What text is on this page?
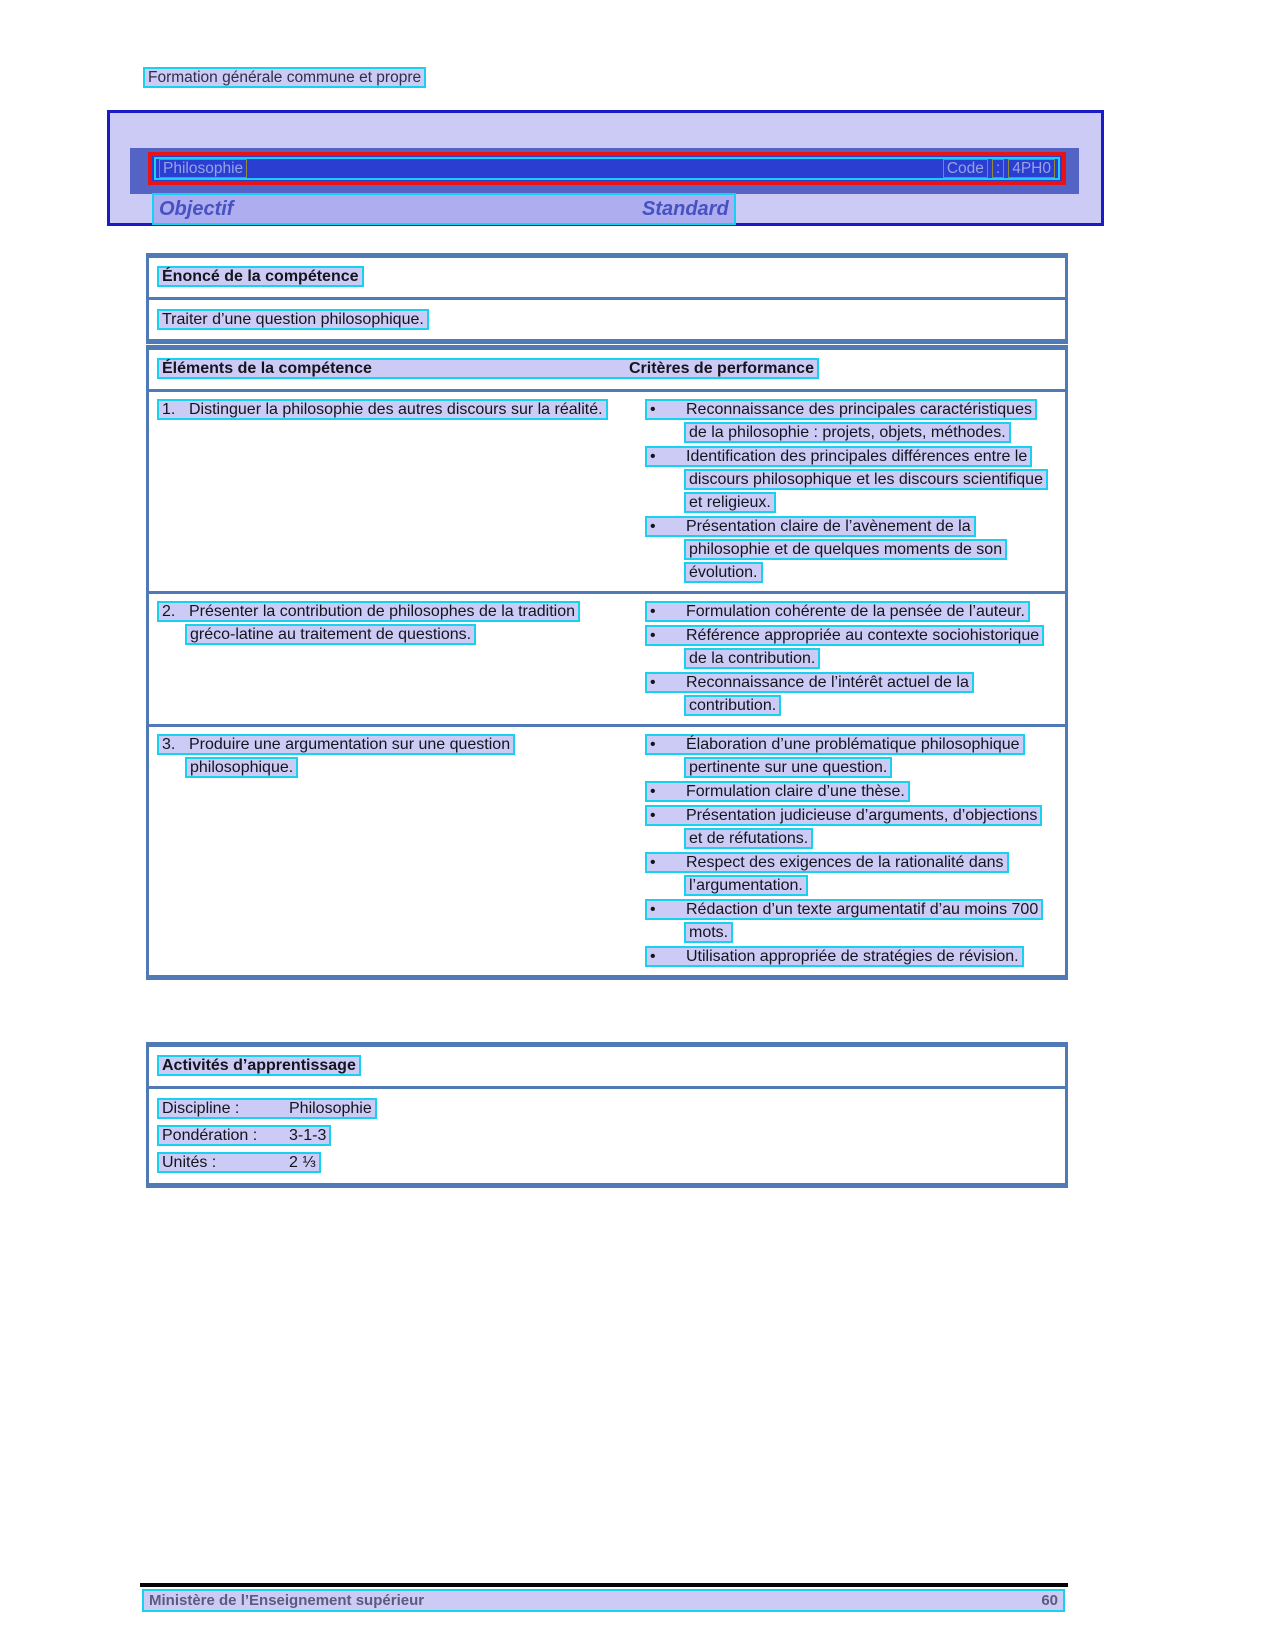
Formation générale commune et propre
Philosophie	Code : 4PH0
Objectif	Standard
Énoncé de la compétence
Traiter d’une question philosophique.
Éléments de la compétence	Critères de performance
1. Distinguer la philosophie des autres discours sur la réalité.	• Reconnaissance des principales caractéristiques de la philosophie : projets, objets, méthodes.
• Identification des principales différences entre le discours philosophique et les discours scientifique et religieux.
• Présentation claire de l’avènement de la philosophie et de quelques moments de son évolution.
2. Présenter la contribution de philosophes de la tradition gréco-latine au traitement de questions.
• Formulation cohérente de la pensée de l’auteur.
• Référence appropriée au contexte sociohistorique de la contribution.
• Reconnaissance de l’intérêt actuel de la contribution.
3. Produire une argumentation sur une question philosophique.
• Élaboration d’une problématique philosophique pertinente sur une question.
• Formulation claire d’une thèse.
• Présentation judicieuse d’arguments, d’objections et de réfutations.
• Respect des exigences de la rationalité dans l’argumentation.
• Rédaction d’un texte argumentatif d’au moins 700 mots.
• Utilisation appropriée de stratégies de révision.
Activités d’apprentissage
Discipline :	Philosophie
Pondération : 3-1-3
Unités :	2 ⅓
Ministère de l’Enseignement supérieur	60
